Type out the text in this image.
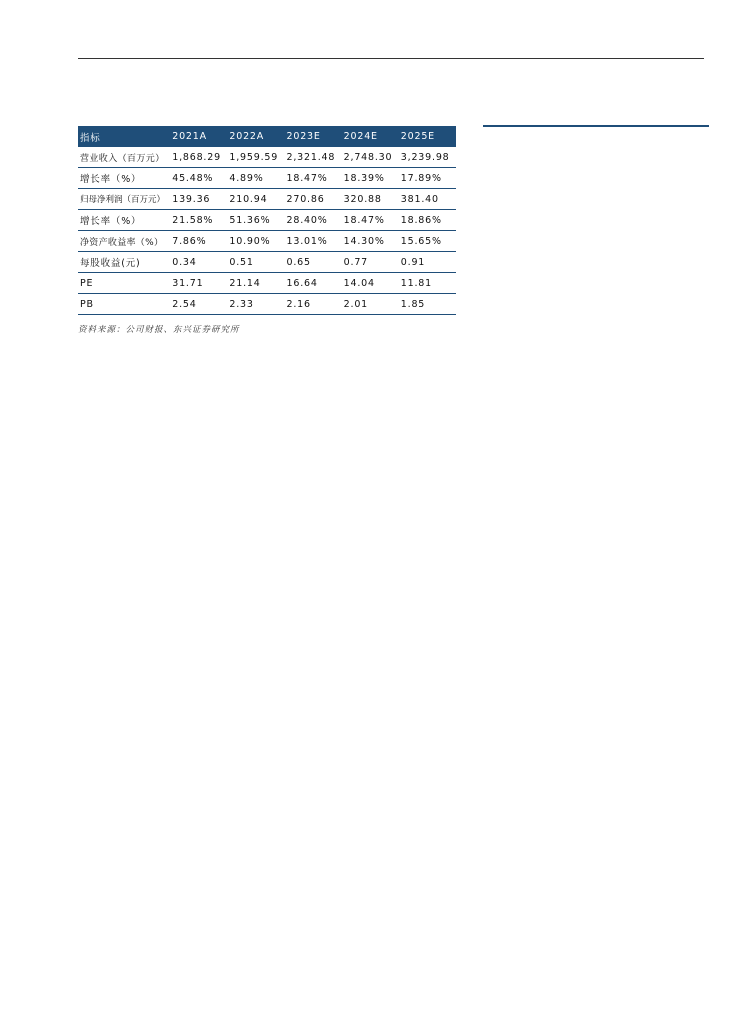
指标	2021A	2022A	2023E	2024E	2025E
营业收入（百万元）	1,868.29	1,959.59	2,321.48	2,748.30	3,239.98
增长率（%）	45.48%	4.89%	18.47%	18.39%	17.89%
归母净利润（百万元）	139.36	210.94	270.86	320.88	381.40
增长率（%）	21.58%	51.36%	28.40%	18.47%	18.86%
净资产收益率（%）	7.86%	10.90%	13.01%	14.30%	15.65%
每股收益(元)	0.34	0.51	0.65	0.77	0.91
PE	31.71	21.14	16.64	14.04	11.81
PB	2.54	2.33	2.16	2.01	1.85
资料来源：公司财报、东兴证券研究所
